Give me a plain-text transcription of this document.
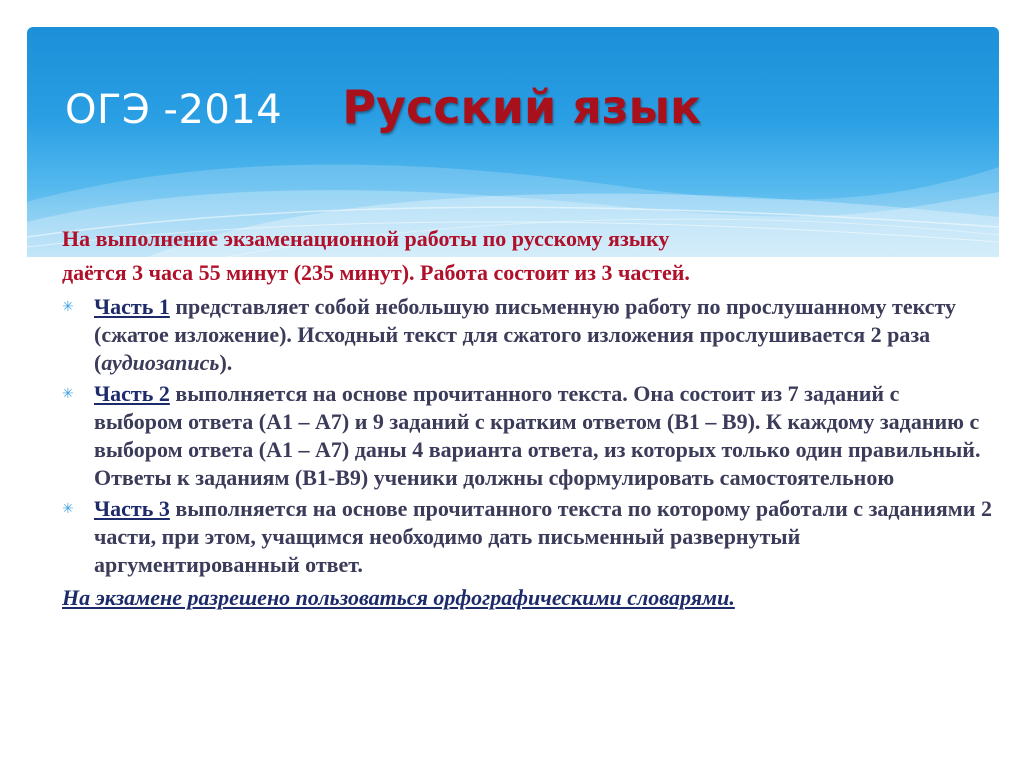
ОГЭ -2014 Русский язык
На выполнение экзаменационной работы по русскому языку
даётся 3 часа 55 минут (235 минут). Работа состоит из 3 частей.
✳ Часть 1 представляет собой небольшую письменную работу по прослушанному тексту (сжатое изложение). Исходный текст для сжатого изложения прослушивается 2 раза (аудиозапись).
✳ Часть 2 выполняется на основе прочитанного текста. Она состоит из 7 заданий с выбором ответа (А1 – А7) и 9 заданий с кратким ответом (В1 – В9). К каждому заданию с выбором ответа (А1 – А7) даны 4 варианта ответа, из которых только один правильный. Ответы к заданиям (В1-В9) ученики должны сформулировать самостоятельною
✳ Часть 3 выполняется на основе прочитанного текста по которому работали с заданиями 2 части, при этом, учащимся необходимо дать письменный развернутый аргументированный ответ.
На экзамене разрешено пользоваться орфографическими словарями.
